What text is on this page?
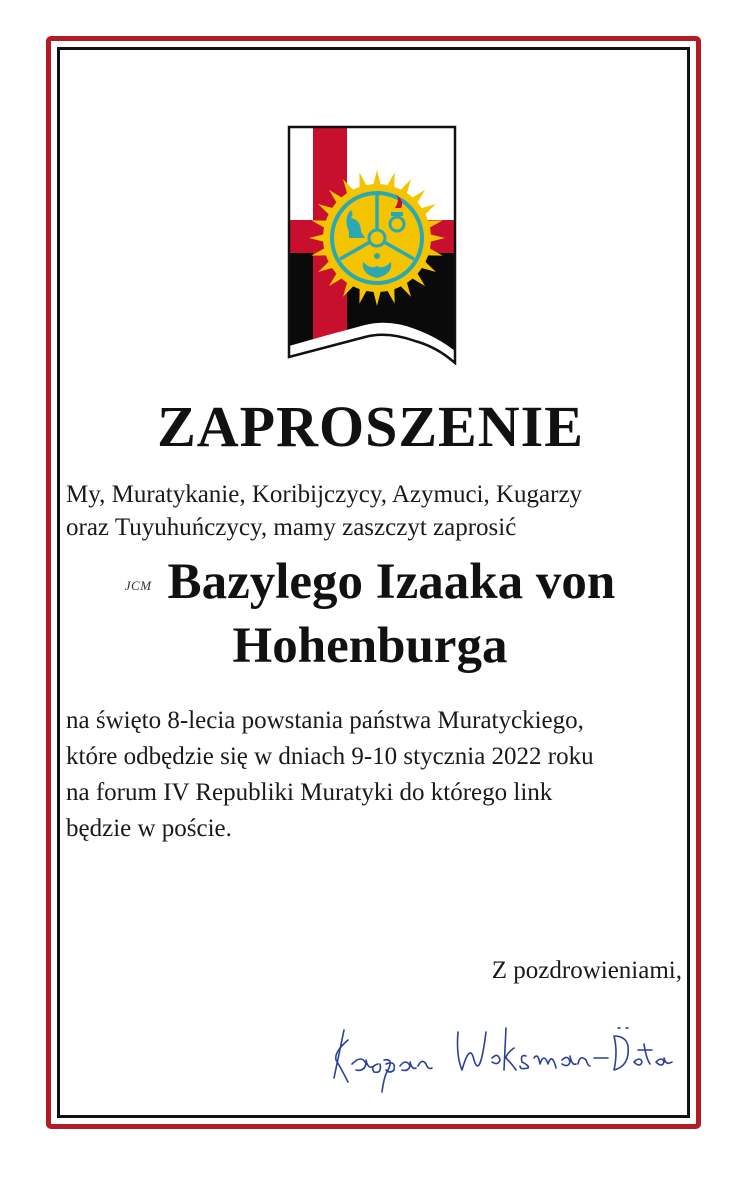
ZAPROSZENIE
My, Muratykanie, Koribijczycy, Azymuci, Kugarzy
oraz Tuyuhuńczycy, mamy zaszczyt zaprosić
JCM Bazylego Izaaka von Hohenburga
na święto 8-lecia powstania państwa Muratyckiego,
które odbędzie się w dniach 9-10 stycznia 2022 roku
na forum IV Republiki Muratyki do którego link
będzie w poście.
Z pozdrowieniami,
